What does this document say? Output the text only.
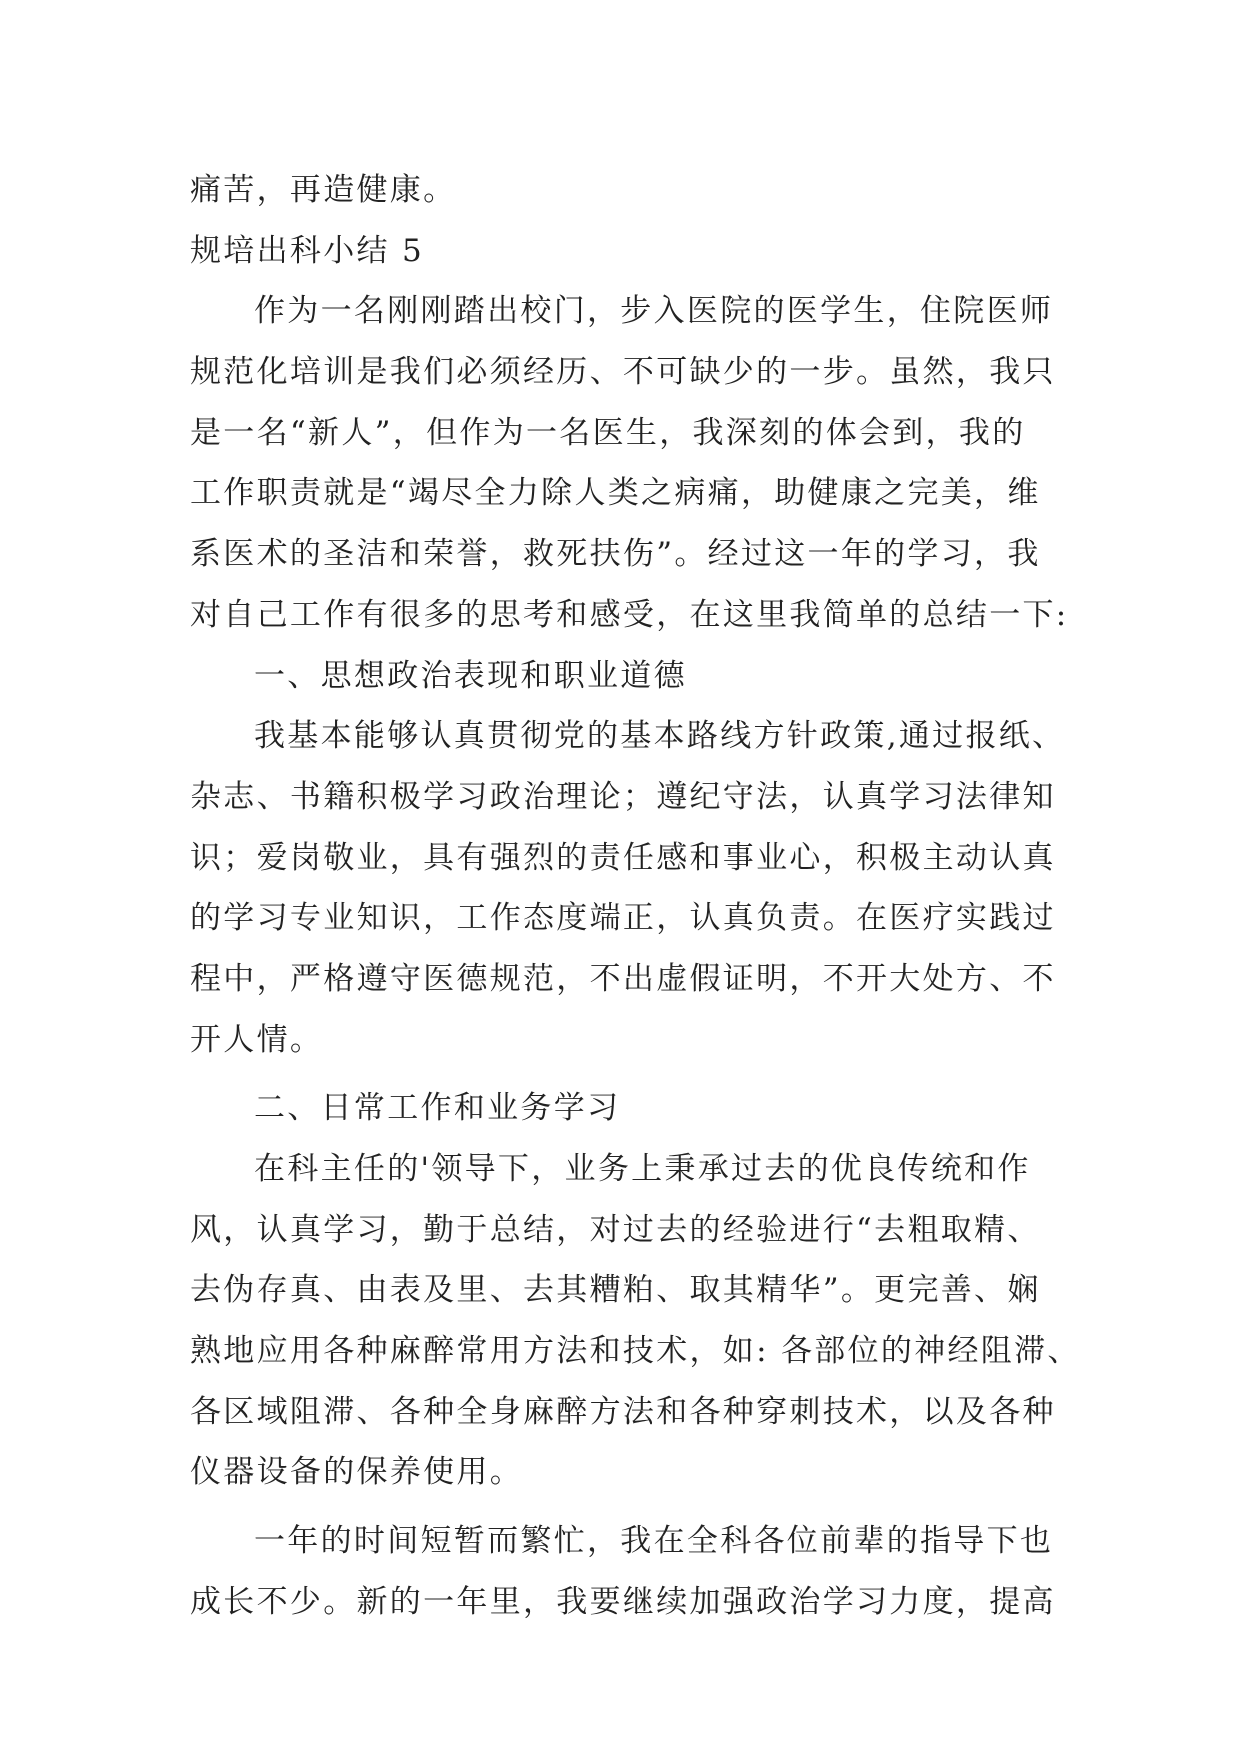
痛苦，再造健康。
规培出科小结 5
作为一名刚刚踏出校门，步入医院的医学生，住院医师
规范化培训是我们必须经历、不可缺少的一步。虽然，我只
是一名“新人”，但作为一名医生，我深刻的体会到，我的
工作职责就是“竭尽全力除人类之病痛，助健康之完美，维
系医术的圣洁和荣誉，救死扶伤”。经过这一年的学习，我
对自己工作有很多的思考和感受，在这里我简单的总结一下:
一、思想政治表现和职业道德
我基本能够认真贯彻党的基本路线方针政策,通过报纸、
杂志、书籍积极学习政治理论；遵纪守法，认真学习法律知
识；爱岗敬业，具有强烈的责任感和事业心，积极主动认真
的学习专业知识，工作态度端正，认真负责。在医疗实践过
程中，严格遵守医德规范，不出虚假证明，不开大处方、不
开人情。
二、日常工作和业务学习
在科主任的'领导下，业务上秉承过去的优良传统和作
风，认真学习，勤于总结，对过去的经验进行“去粗取精、
去伪存真、由表及里、去其糟粕、取其精华”。更完善、娴
熟地应用各种麻醉常用方法和技术，如: 各部位的神经阻滞、
各区域阻滞、各种全身麻醉方法和各种穿刺技术，以及各种
仪器设备的保养使用。
一年的时间短暂而繁忙，我在全科各位前辈的指导下也
成长不少。新的一年里，我要继续加强政治学习力度，提高
